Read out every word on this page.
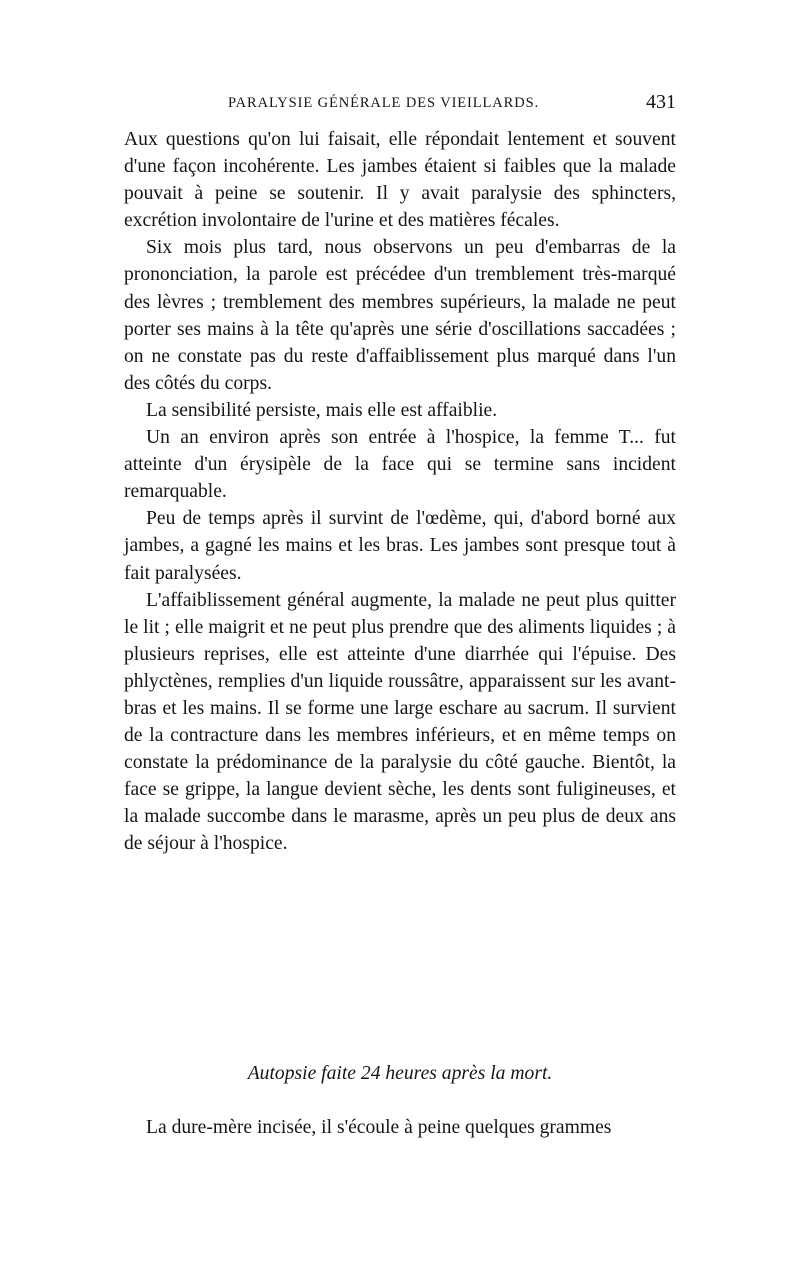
PARALYSIE GÉNÉRALE DES VIEILLARDS.	431

Aux questions qu'on lui faisait, elle répondait lentement et souvent d'une façon incohérente. Les jambes étaient si faibles que la malade pouvait à peine se soutenir. Il y avait paralysie des sphincters, excrétion involontaire de l'urine et des matières fécales.

Six mois plus tard, nous observons un peu d'embarras de la prononciation, la parole est précédee d'un tremblement très-marqué des lèvres ; tremblement des membres supérieurs, la malade ne peut porter ses mains à la tête qu'après une série d'oscillations saccadées ; on ne constate pas du reste d'affaiblissement plus marqué dans l'un des côtés du corps.

La sensibilité persiste, mais elle est affaiblie.

Un an environ après son entrée à l'hospice, la femme T... fut atteinte d'un érysipèle de la face qui se termine sans incident remarquable.

Peu de temps après il survint de l'œdème, qui, d'abord borné aux jambes, a gagné les mains et les bras. Les jambes sont presque tout à fait paralysées.

L'affaiblissement général augmente, la malade ne peut plus quitter le lit ; elle maigrit et ne peut plus prendre que des aliments liquides ; à plusieurs reprises, elle est atteinte d'une diarrhée qui l'épuise. Des phlyctènes, remplies d'un liquide roussâtre, apparaissent sur les avant-bras et les mains. Il se forme une large eschare au sacrum. Il survient de la contracture dans les membres inférieurs, et en même temps on constate la prédominance de la paralysie du côté gauche. Bientôt, la face se grippe, la langue devient sèche, les dents sont fuligineuses, et la malade succombe dans le marasme, après un peu plus de deux ans de séjour à l'hospice.

Autopsie faite 24 heures après la mort.
La dure-mère incisée, il s'écoule à peine quelques grammes
